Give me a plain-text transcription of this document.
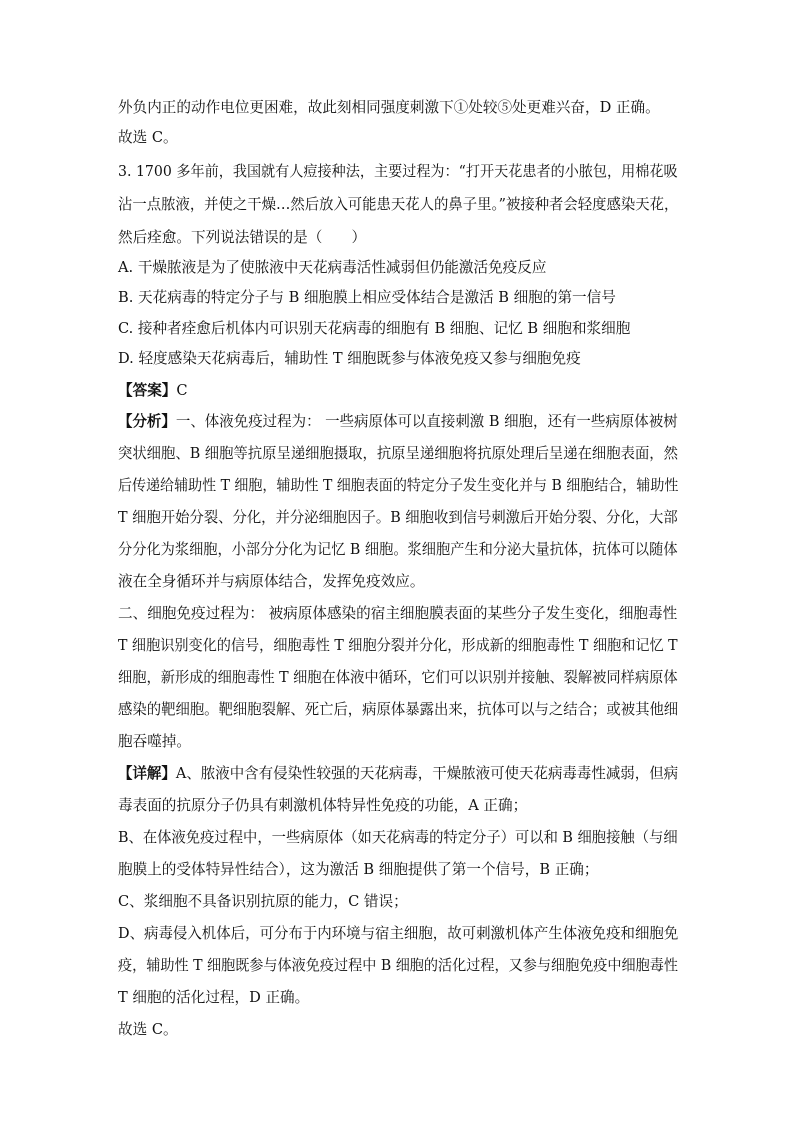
外负内正的动作电位更困难，故此刻相同强度刺激下①处较⑤处更难兴奋，D 正确。
故选 C。
3. 1700 多年前，我国就有人痘接种法，主要过程为：“打开天花患者的小脓包，用棉花吸
沾一点脓液，并使之干燥…然后放入可能患天花人的鼻子里。”被接种者会轻度感染天花，
然后痊愈。下列说法错误的是（　　）
A. 干燥脓液是为了使脓液中天花病毒活性减弱但仍能激活免疫反应
B. 天花病毒的特定分子与 B 细胞膜上相应受体结合是激活 B 细胞的第一信号
C. 接种者痊愈后机体内可识别天花病毒的细胞有 B 细胞、记忆 B 细胞和浆细胞
D. 轻度感染天花病毒后，辅助性 T 细胞既参与体液免疫又参与细胞免疫
【答案】C
【分析】一、体液免疫过程为： 一些病原体可以直接刺激 B 细胞，还有一些病原体被树
突状细胞、B 细胞等抗原呈递细胞摄取，抗原呈递细胞将抗原处理后呈递在细胞表面，然
后传递给辅助性 T 细胞，辅助性 T 细胞表面的特定分子发生变化并与 B 细胞结合，辅助性
T 细胞开始分裂、分化，并分泌细胞因子。B 细胞收到信号刺激后开始分裂、分化，大部
分分化为浆细胞，小部分分化为记忆 B 细胞。浆细胞产生和分泌大量抗体，抗体可以随体
液在全身循环并与病原体结合，发挥免疫效应。
二、细胞免疫过程为： 被病原体感染的宿主细胞膜表面的某些分子发生变化，细胞毒性
T 细胞识别变化的信号，细胞毒性 T 细胞分裂并分化，形成新的细胞毒性 T 细胞和记忆 T
细胞，新形成的细胞毒性 T 细胞在体液中循环，它们可以识别并接触、裂解被同样病原体
感染的靶细胞。靶细胞裂解、死亡后，病原体暴露出来，抗体可以与之结合；或被其他细
胞吞噬掉。
【详解】A、脓液中含有侵染性较强的天花病毒，干燥脓液可使天花病毒毒性减弱，但病
毒表面的抗原分子仍具有刺激机体特异性免疫的功能，A 正确；
B、在体液免疫过程中，一些病原体（如天花病毒的特定分子）可以和 B 细胞接触（与细
胞膜上的受体特异性结合），这为激活 B 细胞提供了第一个信号，B 正确；
C、浆细胞不具备识别抗原的能力，C 错误；
D、病毒侵入机体后，可分布于内环境与宿主细胞，故可刺激机体产生体液免疫和细胞免
疫，辅助性 T 细胞既参与体液免疫过程中 B 细胞的活化过程，又参与细胞免疫中细胞毒性
T 细胞的活化过程，D 正确。
故选 C。
